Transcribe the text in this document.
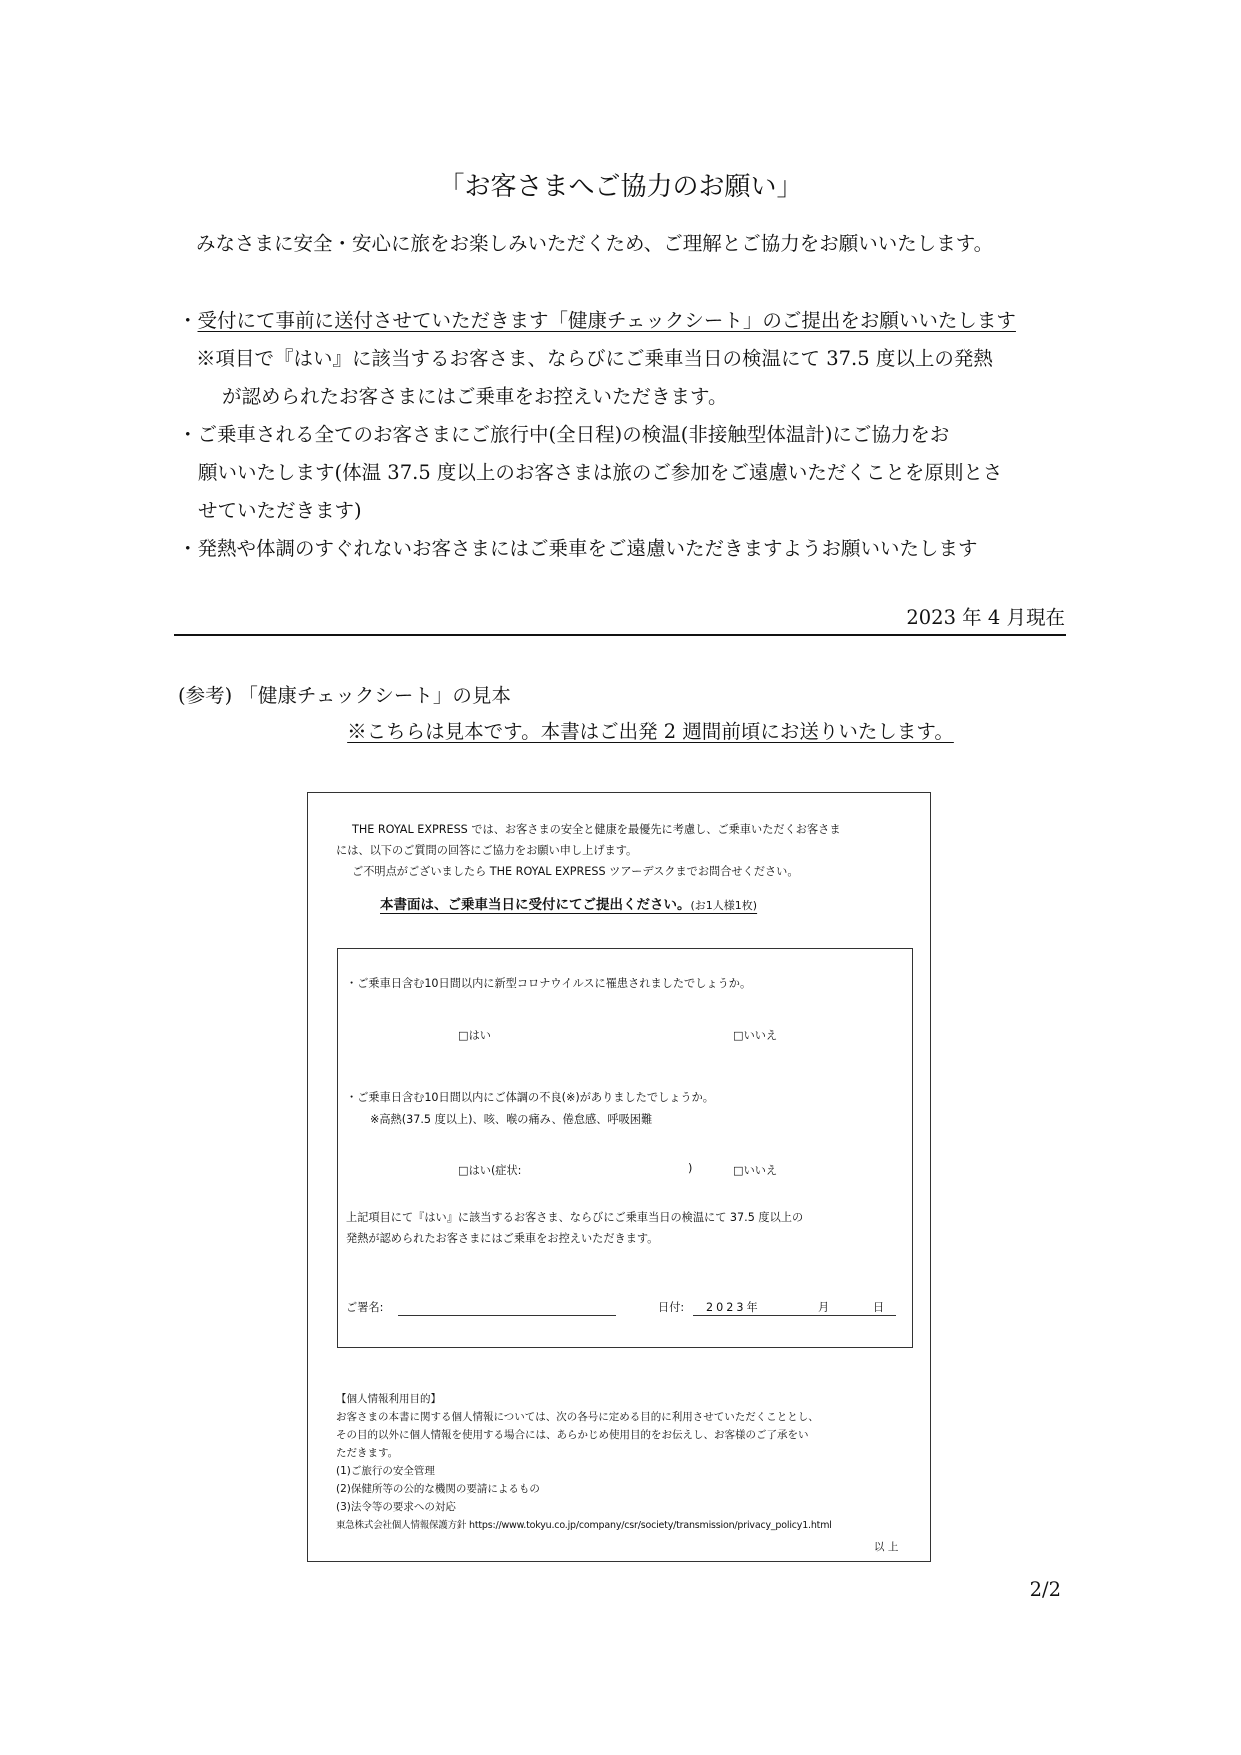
「お客さまへご協力のお願い」
みなさまに安全・安心に旅をお楽しみいただくため、ご理解とご協力をお願いいたします。
・受付にて事前に送付させていただきます「健康チェックシート」のご提出をお願いいたします
※項目で『はい』に該当するお客さま、ならびにご乗車当日の検温にて 37.5 度以上の発熱
が認められたお客さまにはご乗車をお控えいただきます。
・ご乗車される全てのお客さまにご旅行中(全日程)の検温(非接触型体温計)にご協力をお
願いいたします(体温 37.5 度以上のお客さまは旅のご参加をご遠慮いただくことを原則とさ
せていただきます)
・発熱や体調のすぐれないお客さまにはご乗車をご遠慮いただきますようお願いいたします
2023 年 4 月現在
(参考) 「健康チェックシート」の見本
※こちらは見本です。本書はご出発 2 週間前頃にお送りいたします。
THE ROYAL EXPRESS では、お客さまの安全と健康を最優先に考慮し、ご乗車いただくお客さま
には、以下のご質問の回答にご協力をお願い申し上げます。
ご不明点がございましたら THE ROYAL EXPRESS ツアーデスクまでお問合せください。
本書面は、ご乗車当日に受付にてご提出ください。(お1人様1枚)
・ご乗車日含む10日間以内に新型コロナウイルスに罹患されましたでしょうか。
□はい	□いいえ
・ご乗車日含む10日間以内にご体調の不良(※)がありましたでしょうか。
※高熱(37.5 度以上)、咳、喉の痛み、倦怠感、呼吸困難
□はい(症状:	)	□いいえ
上記項目にて『はい』に該当するお客さま、ならびにご乗車当日の検温にて 37.5 度以上の
発熱が認められたお客さまにはご乗車をお控えいただきます。
ご署名:	日付: 2023年	月	日
【個人情報利用目的】
お客さまの本書に関する個人情報については、次の各号に定める目的に利用させていただくこととし、
その目的以外に個人情報を使用する場合には、あらかじめ使用目的をお伝えし、お客様のご了承をい
ただきます。
(1)ご旅行の安全管理
(2)保健所等の公的な機関の要請によるもの
(3)法令等の要求への対応
東急株式会社個人情報保護方針 https://www.tokyu.co.jp/company/csr/society/transmission/privacy_policy1.html
以 上
2/2
